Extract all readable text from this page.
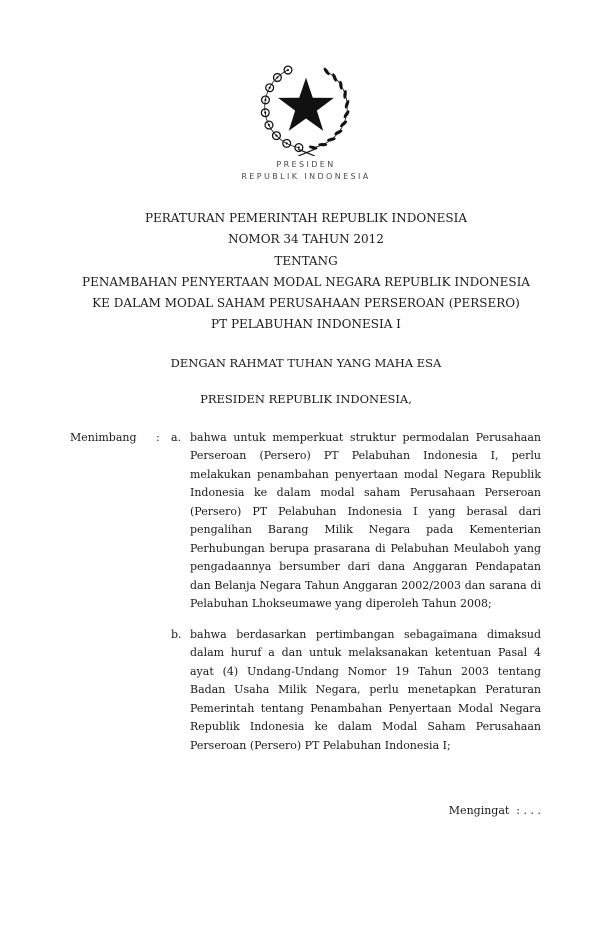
PRESIDEN
REPUBLIK INDONESIA
PERATURAN PEMERINTAH REPUBLIK INDONESIA
NOMOR 34 TAHUN 2012
TENTANG
PENAMBAHAN PENYERTAAN MODAL NEGARA REPUBLIK INDONESIA
KE DALAM MODAL SAHAM PERUSAHAAN PERSEROAN (PERSERO)
PT PELABUHAN INDONESIA I
DENGAN RAHMAT TUHAN YANG MAHA ESA
PRESIDEN REPUBLIK INDONESIA,
Menimbang	:	a. bahwa untuk memperkuat struktur permodalan Perusahaan Perseroan (Persero) PT Pelabuhan Indonesia I, perlu melakukan penambahan penyertaan modal Negara Republik Indonesia ke dalam modal saham Perusahaan Perseroan (Persero) PT Pelabuhan Indonesia I yang berasal dari pengalihan Barang Milik Negara pada Kementerian Perhubungan berupa prasarana di Pelabuhan Meulaboh yang pengadaannya bersumber dari dana Anggaran Pendapatan dan Belanja Negara Tahun Anggaran 2002/2003 dan sarana di Pelabuhan Lhokseumawe yang diperoleh Tahun 2008;
b. bahwa berdasarkan pertimbangan sebagaimana dimaksud dalam huruf a dan untuk melaksanakan ketentuan Pasal 4 ayat (4) Undang-Undang Nomor 19 Tahun 2003 tentang Badan Usaha Milik Negara, perlu menetapkan Peraturan Pemerintah tentang Penambahan Penyertaan Modal Negara Republik Indonesia ke dalam Modal Saham Perusahaan Perseroan (Persero) PT Pelabuhan Indonesia I;
Mengingat  : . . .
